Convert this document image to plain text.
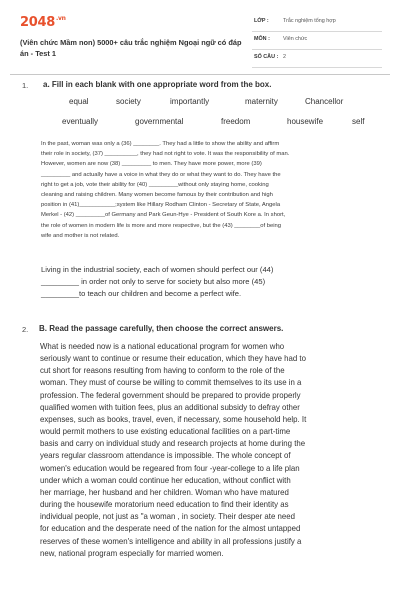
$2048^{.vn}$
(Viên chức Mầm non) 5000+ câu trắc nghiệm Ngoại ngữ có đáp án - Test 1
LỚP :	Trắc nghiệm tổng hợp
MÔN : Viên chức
SỐ CÂU : 2
1. a. Fill in each blank with one appropriate word from the box.
equal	society	importantly	maternity	Chancellor
eventually	governmental	freedom	housewife	self
In the past, woman was only a (36) ________. They had a little to show the ability and affirm
their role in society, (37) __________, they had not right to vote. It was the responsibility of man.
However, women are now (38) _________ to men. They have more power, more (39)
_________ and actually have a voice in what they do or what they want to do. They have the
right to get a job, vote their ability for (40) _________without only staying home, cooking
cleaning and raising children. Many women become famous by their contribution and high
position in (41)___________;system like Hillary Rodham Clinton - Secretary of State, Angela
Merkel - (42) _________of Germany and Park Geun-Hye - President of South Kore a. In short,
the role of women in modern life is more and more respective, but the (43) ________of being
wife and mother is not related.
Living in the industrial society, each of women should perfect our (44)
_________ in order not only to serve for society but also more (45)
_________to teach our children and become a perfect wife.
2. B. Read the passage carefully, then choose the correct answers.
What is needed now is a national educational program for women who
seriously want to continue or resume their education, which they have had to
cut short for reasons resulting from having to conform to the role of the
woman. They must of course be willing to commit themselves to its use in a
profession. The federal government should be prepared to provide properly
qualified women with tuition fees, plus an additional subsidy to defray other
expenses, such as books, travel, even, if necessary, some household help. It
would permit mothers to use existing educational facilities on a part-time
basis and carry on individual study and research projects at home during the
years regular classroom attendance is impossible. The whole concept of
women's education would be regeared from four -year-college to a life plan
under which a woman could continue her education, without conflict with
her marriage, her husband and her children. Woman who have matured
during the housewife moratorium need education to find their identity as
individual people, not just as "a woman , in society. Their desper ate need
for education and the desperate need of the nation for the almost untapped
reserves of these women's intelligence and ability in all professions justify a
new, national program especially for married women.
